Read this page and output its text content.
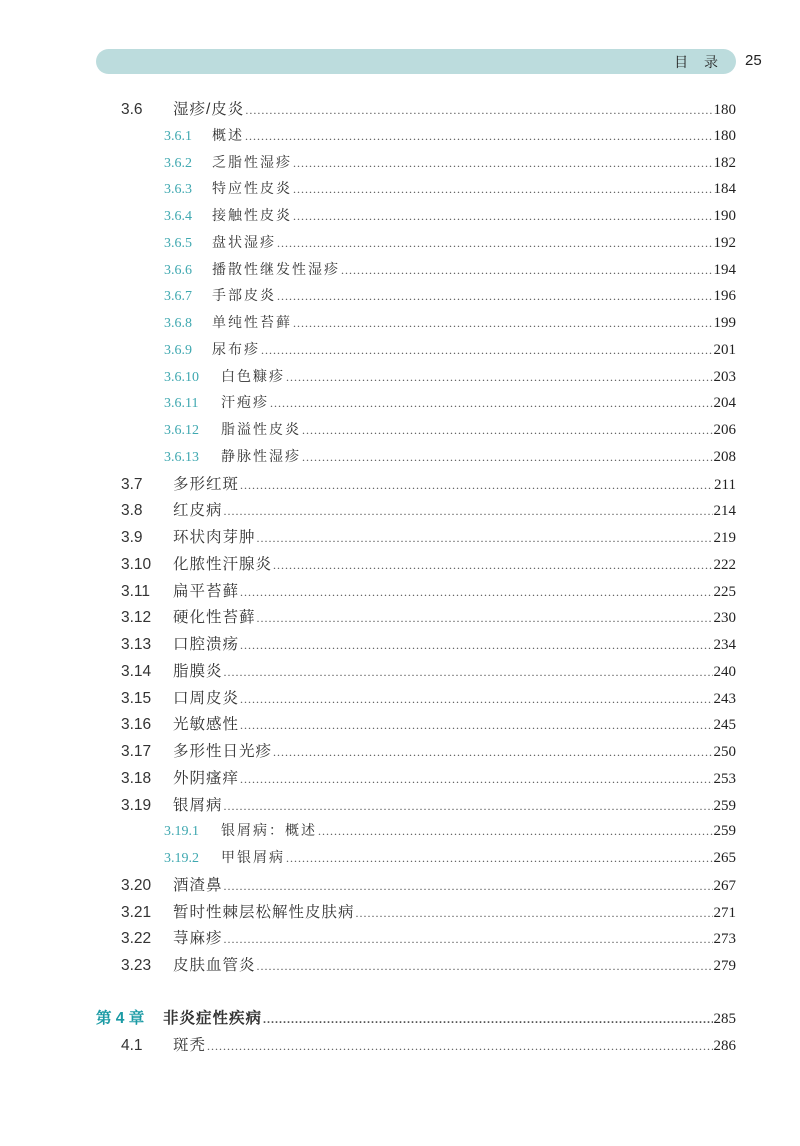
目 录 25
3.6	湿疹/皮炎 .....	180
3.6.1	概述 .....	180
3.6.2	乏脂性湿疹 .....	182
3.6.3	特应性皮炎 .....	184
3.6.4	接触性皮炎 .....	190
3.6.5	盘状湿疹 .....	192
3.6.6	播散性继发性湿疹 .....	194
3.6.7	手部皮炎 .....	196
3.6.8	单纯性苔藓 .....	199
3.6.9	尿布疹 .....	201
3.6.10	白色糠疹 .....	203
3.6.11	汗疱疹 .....	204
3.6.12	脂溢性皮炎 .....	206
3.6.13	静脉性湿疹 .....	208
3.7	多形红斑 .....	211
3.8	红皮病 .....	214
3.9	环状肉芽肿 .....	219
3.10	化脓性汗腺炎 .....	222
3.11	扁平苔藓 .....	225
3.12	硬化性苔藓 .....	230
3.13	口腔溃疡 .....	234
3.14	脂膜炎 .....	240
3.15	口周皮炎 .....	243
3.16	光敏感性 .....	245
3.17	多形性日光疹 .....	250
3.18	外阴瘙痒 .....	253
3.19	银屑病 .....	259
3.19.1	银屑病：概述 .....	259
3.19.2	甲银屑病 .....	265
3.20	酒渣鼻 .....	267
3.21	暂时性棘层松解性皮肤病 .....	271
3.22	荨麻疹 .....	273
3.23	皮肤血管炎 .....	279
第 4 章	非炎症性疾病 .....	285
4.1	斑秃 .....	286
